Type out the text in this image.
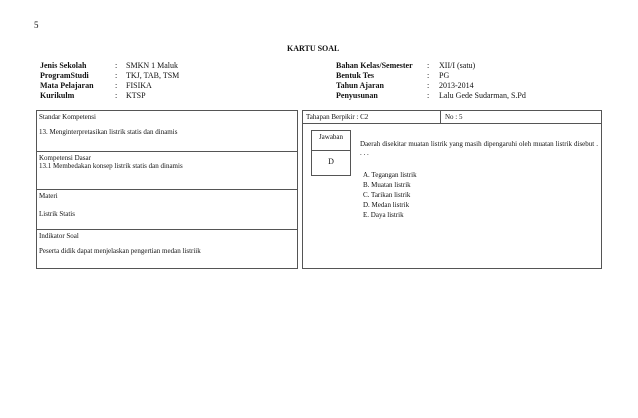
5
KARTU SOAL
Jenis Sekolah	:	SMKN 1 Maluk
ProgramStudi	:	TKJ, TAB, TSM
Mata Pelajaran	:	FISIKA
Kurikulm	:	KTSP
Bahan Kelas/Semester	:	XII/I (satu)
Bentuk Tes	:	PG
Tahun Ajaran	:	2013-2014
Penyusunan	:	Lalu Gede Sudarman, S.Pd
Standar Kompetensi
13. Menginterpretasikan listrik statis dan dinamis
Kompetensi Dasar
13.1 Membedakan konsep listrik statis dan dinamis
Materi
Listrik Statis
Indikator Soal
Peserta didik dapat menjelaskan pengertian medan listriik
Tahapan Berpikir : C2	No : 5
Jawaban
D
Daerah disekitar muatan listrik yang masih dipengaruhi oleh muatan listrik disebut . . . .
A. Tegangan listrik
B. Muatan listrik
C. Tarikan listrik
D. Medan listrik
E. Daya listrik
